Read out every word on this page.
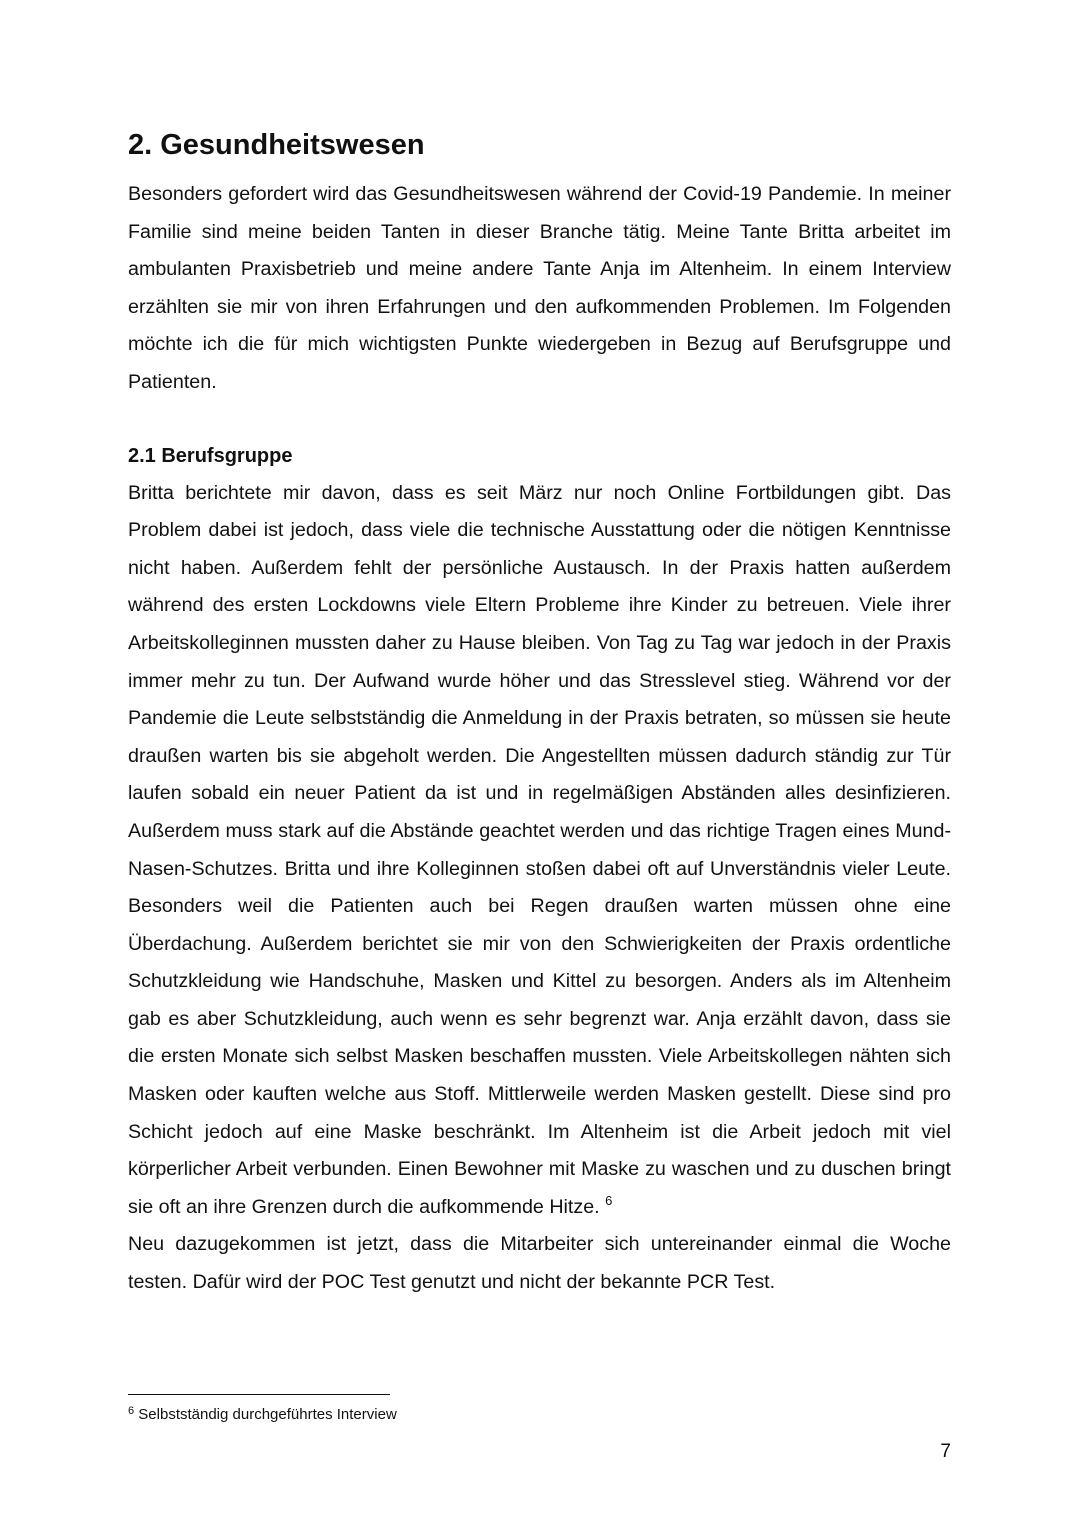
2. Gesundheitswesen

Besonders gefordert wird das Gesundheitswesen während der Covid-19 Pandemie. In meiner Familie sind meine beiden Tanten in dieser Branche tätig. Meine Tante Britta arbeitet im ambulanten Praxisbetrieb und meine andere Tante Anja im Altenheim. In einem Interview erzählten sie mir von ihren Erfahrungen und den aufkommenden Problemen. Im Folgenden möchte ich die für mich wichtigsten Punkte wiedergeben in Bezug auf Berufsgruppe und Patienten.

2.1 Berufsgruppe

Britta berichtete mir davon, dass es seit März nur noch Online Fortbildungen gibt. Das Problem dabei ist jedoch, dass viele die technische Ausstattung oder die nötigen Kenntnisse nicht haben. Außerdem fehlt der persönliche Austausch. In der Praxis hatten außerdem während des ersten Lockdowns viele Eltern Probleme ihre Kinder zu betreuen. Viele ihrer Arbeitskolleginnen mussten daher zu Hause bleiben. Von Tag zu Tag war jedoch in der Praxis immer mehr zu tun. Der Aufwand wurde höher und das Stresslevel stieg. Während vor der Pandemie die Leute selbstständig die Anmeldung in der Praxis betraten, so müssen sie heute draußen warten bis sie abgeholt werden. Die Angestellten müssen dadurch ständig zur Tür laufen sobald ein neuer Patient da ist und in regelmäßigen Abständen alles desinfizieren. Außerdem muss stark auf die Abstände geachtet werden und das richtige Tragen eines Mund-Nasen-Schutzes. Britta und ihre Kolleginnen stoßen dabei oft auf Unverständnis vieler Leute. Besonders weil die Patienten auch bei Regen draußen warten müssen ohne eine Überdachung. Außerdem berichtet sie mir von den Schwierigkeiten der Praxis ordentliche Schutzkleidung wie Handschuhe, Masken und Kittel zu besorgen. Anders als im Altenheim gab es aber Schutzkleidung, auch wenn es sehr begrenzt war. Anja erzählt davon, dass sie die ersten Monate sich selbst Masken beschaffen mussten. Viele Arbeitskollegen nähten sich Masken oder kauften welche aus Stoff. Mittlerweile werden Masken gestellt. Diese sind pro Schicht jedoch auf eine Maske beschränkt. Im Altenheim ist die Arbeit jedoch mit viel körperlicher Arbeit verbunden. Einen Bewohner mit Maske zu waschen und zu duschen bringt sie oft an ihre Grenzen durch die aufkommende Hitze. $^6$

Neu dazugekommen ist jetzt, dass die Mitarbeiter sich untereinander einmal die Woche testen. Dafür wird der POC Test genutzt und nicht der bekannte PCR Test.

$^6$ Selbstständig durchgeführtes Interview
7
